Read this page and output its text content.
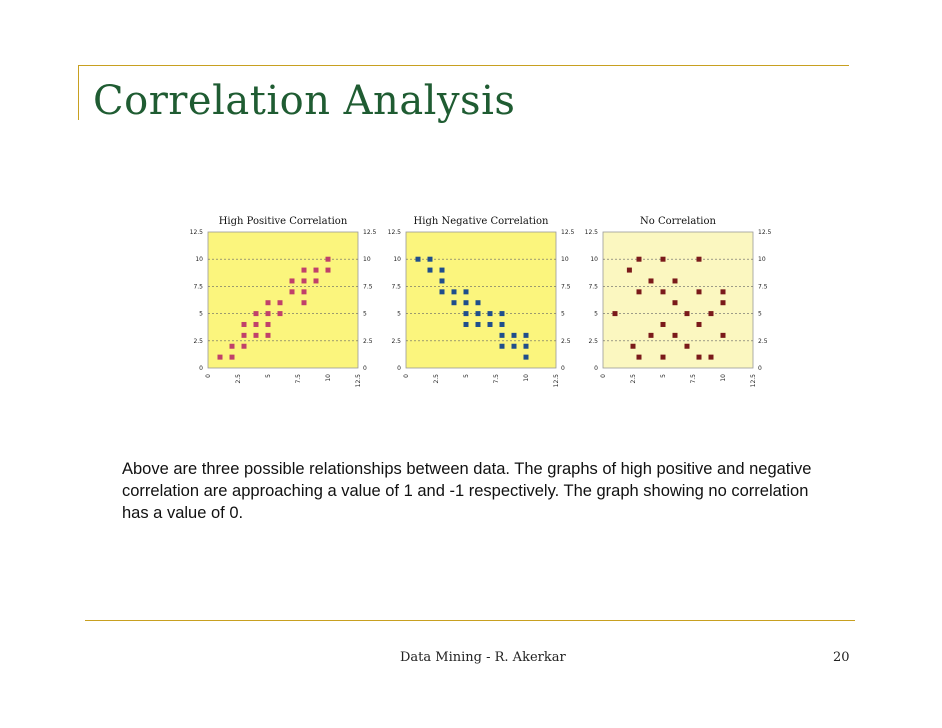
Correlation Analysis
High Positive Correlation
0	0
2.5	2.5
5	5
7.5	7.5
10	10
12.5	12.5
0	2.5	5	7.5	10	12.5
High Negative Correlation
0	0
2.5	2.5
5	5
7.5	7.5
10	10
12.5	12.5
0	2.5	5	7.5	10	12.5
No Correlation
0	0
2.5	2.5
5	5
7.5	7.5
10	10
12.5	12.5
0	2.5	5	7.5	10	12.5

Above are three possible relationships between data. The graphs of high positive and negative correlation are approaching a value of 1 and -1 respectively. The graph showing no correlation has a value of 0.

Data Mining - R. Akerkar	20
